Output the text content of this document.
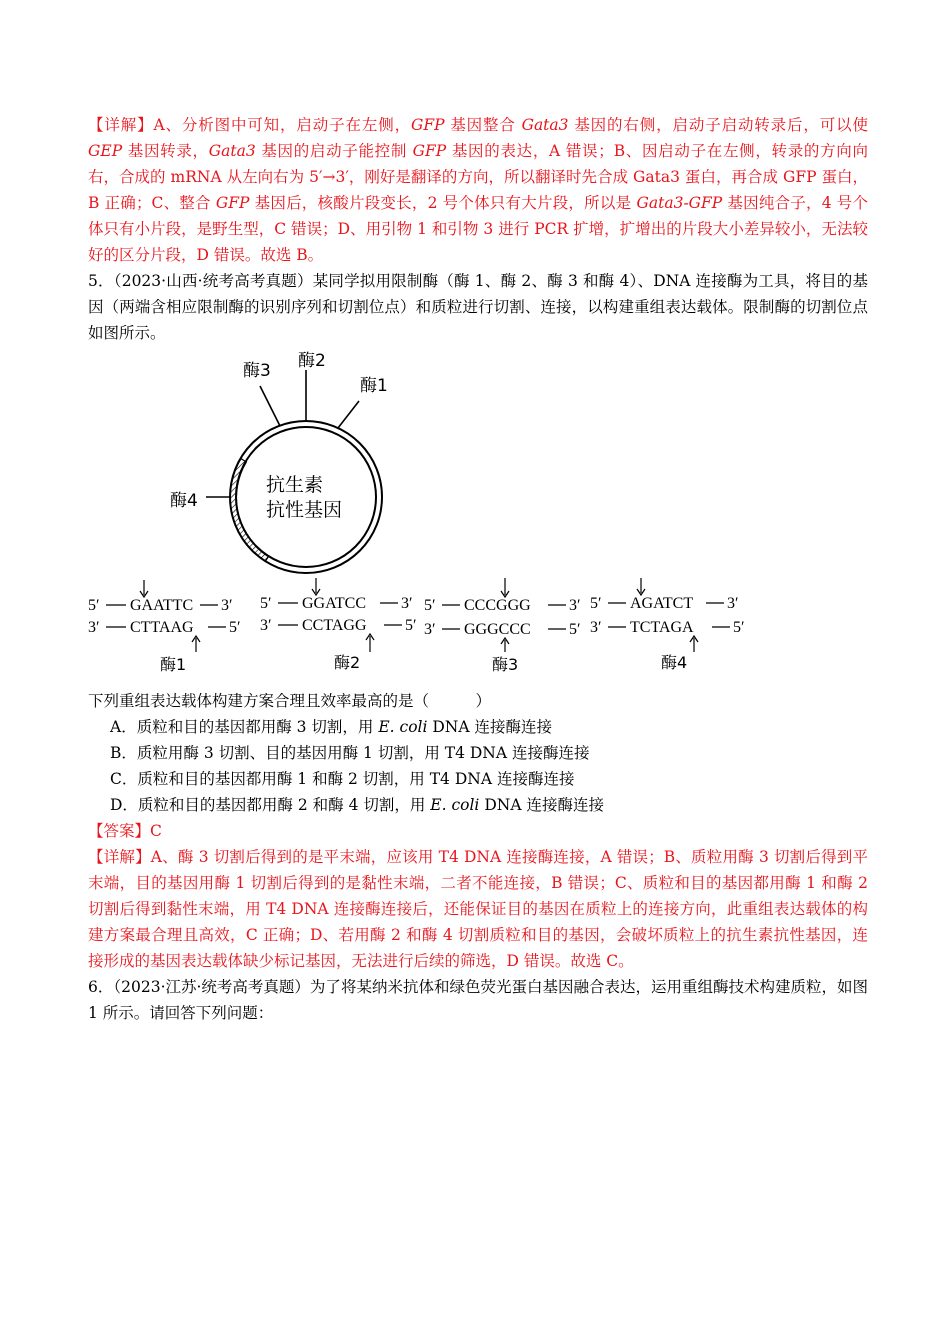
【详解】A、分析图中可知，启动子在左侧，GFP 基因整合 Gata3 基因的右侧，启动子启动转录后，可以使 GEP 基因转录，Gata3 基因的启动子能控制 GFP 基因的表达，A 错误；B、因启动子在左侧，转录的方向向右，合成的 mRNA 从左向右为 5′→3′，刚好是翻译的方向，所以翻译时先合成 Gata3 蛋白，再合成 GFP 蛋白，B 正确；C、整合 GFP 基因后，核酸片段变长，2 号个体只有大片段，所以是 Gata3-GFP 基因纯合子，4 号个体只有小片段，是野生型，C 错误；D、用引物 1 和引物 3 进行 PCR 扩增，扩增出的片段大小差异较小，无法较好的区分片段，D 错误。故选 B。

5．（2023·山西·统考高考真题）某同学拟用限制酶（酶 1、酶 2、酶 3 和酶 4）、DNA 连接酶为工具，将目的基因（两端含相应限制酶的识别序列和切割位点）和质粒进行切割、连接，以构建重组表达载体。限制酶的切割位点如图所示。

酶3 酶2
酶1
酶4
抗生素
抗性基因
5′ GAATTC 3′
3′ CTTAAG 5′
酶1
5′ GGATCC 3′
3′ CCTAGG 5′
酶2
5′ CCCGGG 3′
3′ GGGCCC 5′
酶3
5′ AGATCT 3′
3′ TCTAGA 5′
酶4

下列重组表达载体构建方案合理且效率最高的是（　　　）

A．质粒和目的基因都用酶 3 切割，用 E. coli DNA 连接酶连接

B．质粒用酶 3 切割、目的基因用酶 1 切割，用 T4 DNA 连接酶连接

C．质粒和目的基因都用酶 1 和酶 2 切割，用 T4 DNA 连接酶连接

D．质粒和目的基因都用酶 2 和酶 4 切割，用 E. coli DNA 连接酶连接

【答案】C

【详解】A、酶 3 切割后得到的是平末端，应该用 T4 DNA 连接酶连接，A 错误；B、质粒用酶 3 切割后得到平末端，目的基因用酶 1 切割后得到的是黏性末端，二者不能连接，B 错误；C、质粒和目的基因都用酶 1 和酶 2 切割后得到黏性末端，用 T4 DNA 连接酶连接后，还能保证目的基因在质粒上的连接方向，此重组表达载体的构建方案最合理且高效，C 正确；D、若用酶 2 和酶 4 切割质粒和目的基因，会破坏质粒上的抗生素抗性基因，连接形成的基因表达载体缺少标记基因，无法进行后续的筛选，D 错误。故选 C。

6．（2023·江苏·统考高考真题）为了将某纳米抗体和绿色荧光蛋白基因融合表达，运用重组酶技术构建质粒，如图 1 所示。请回答下列问题：
